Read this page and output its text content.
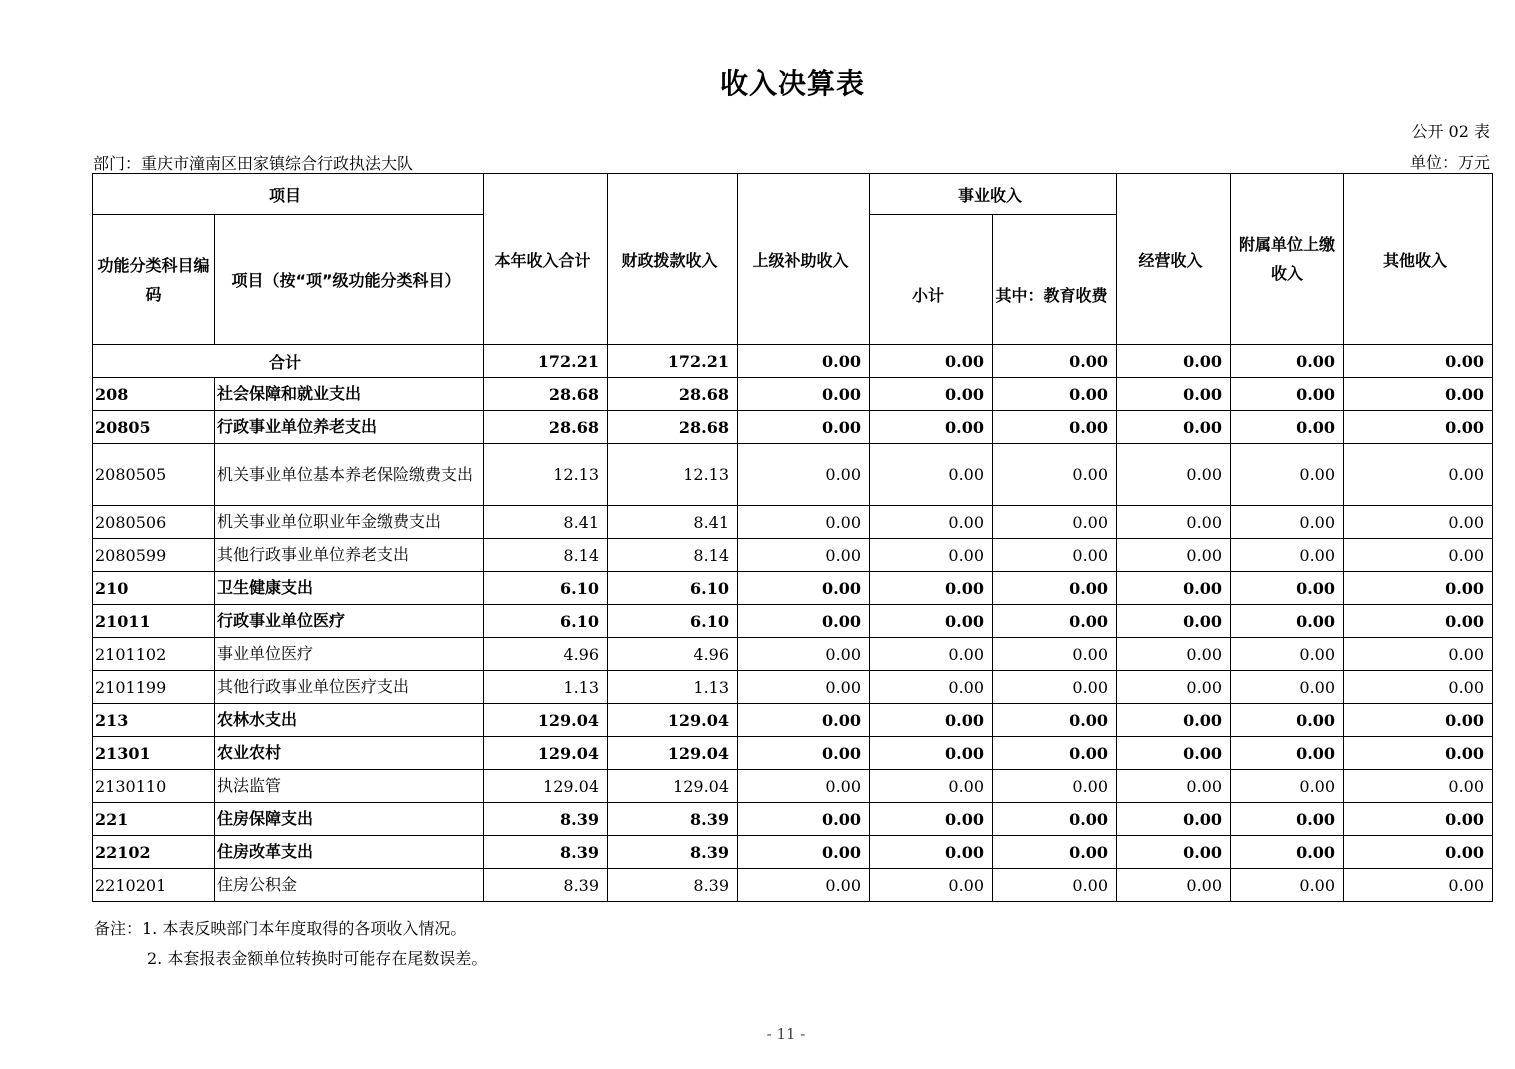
收入决算表
公开 02 表
部门：重庆市潼南区田家镇综合行政执法大队	单位：万元
项目		本年收入合计	财政拨款收入	上级补助收入	事业收入		经营收入	附属单位上缴收入	其他收入
功能分类科目编码	项目（按“项”级功能分类科目）				小计	其中：教育收费			
合计		172.21	172.21	0.00	0.00	0.00	0.00	0.00	0.00
208	社会保障和就业支出	28.68	28.68	0.00	0.00	0.00	0.00	0.00	0.00
20805	行政事业单位养老支出	28.68	28.68	0.00	0.00	0.00	0.00	0.00	0.00
2080505	机关事业单位基本养老保险缴费支出	12.13	12.13	0.00	0.00	0.00	0.00	0.00	0.00
2080506	机关事业单位职业年金缴费支出	8.41	8.41	0.00	0.00	0.00	0.00	0.00	0.00
2080599	其他行政事业单位养老支出	8.14	8.14	0.00	0.00	0.00	0.00	0.00	0.00
210	卫生健康支出	6.10	6.10	0.00	0.00	0.00	0.00	0.00	0.00
21011	行政事业单位医疗	6.10	6.10	0.00	0.00	0.00	0.00	0.00	0.00
2101102	事业单位医疗	4.96	4.96	0.00	0.00	0.00	0.00	0.00	0.00
2101199	其他行政事业单位医疗支出	1.13	1.13	0.00	0.00	0.00	0.00	0.00	0.00
213	农林水支出	129.04	129.04	0.00	0.00	0.00	0.00	0.00	0.00
21301	农业农村	129.04	129.04	0.00	0.00	0.00	0.00	0.00	0.00
2130110	执法监管	129.04	129.04	0.00	0.00	0.00	0.00	0.00	0.00
221	住房保障支出	8.39	8.39	0.00	0.00	0.00	0.00	0.00	0.00
22102	住房改革支出	8.39	8.39	0.00	0.00	0.00	0.00	0.00	0.00
2210201	住房公积金	8.39	8.39	0.00	0.00	0.00	0.00	0.00	0.00
备注：1. 本表反映部门本年度取得的各项收入情况。
2. 本套报表金额单位转换时可能存在尾数误差。
- 11 -
